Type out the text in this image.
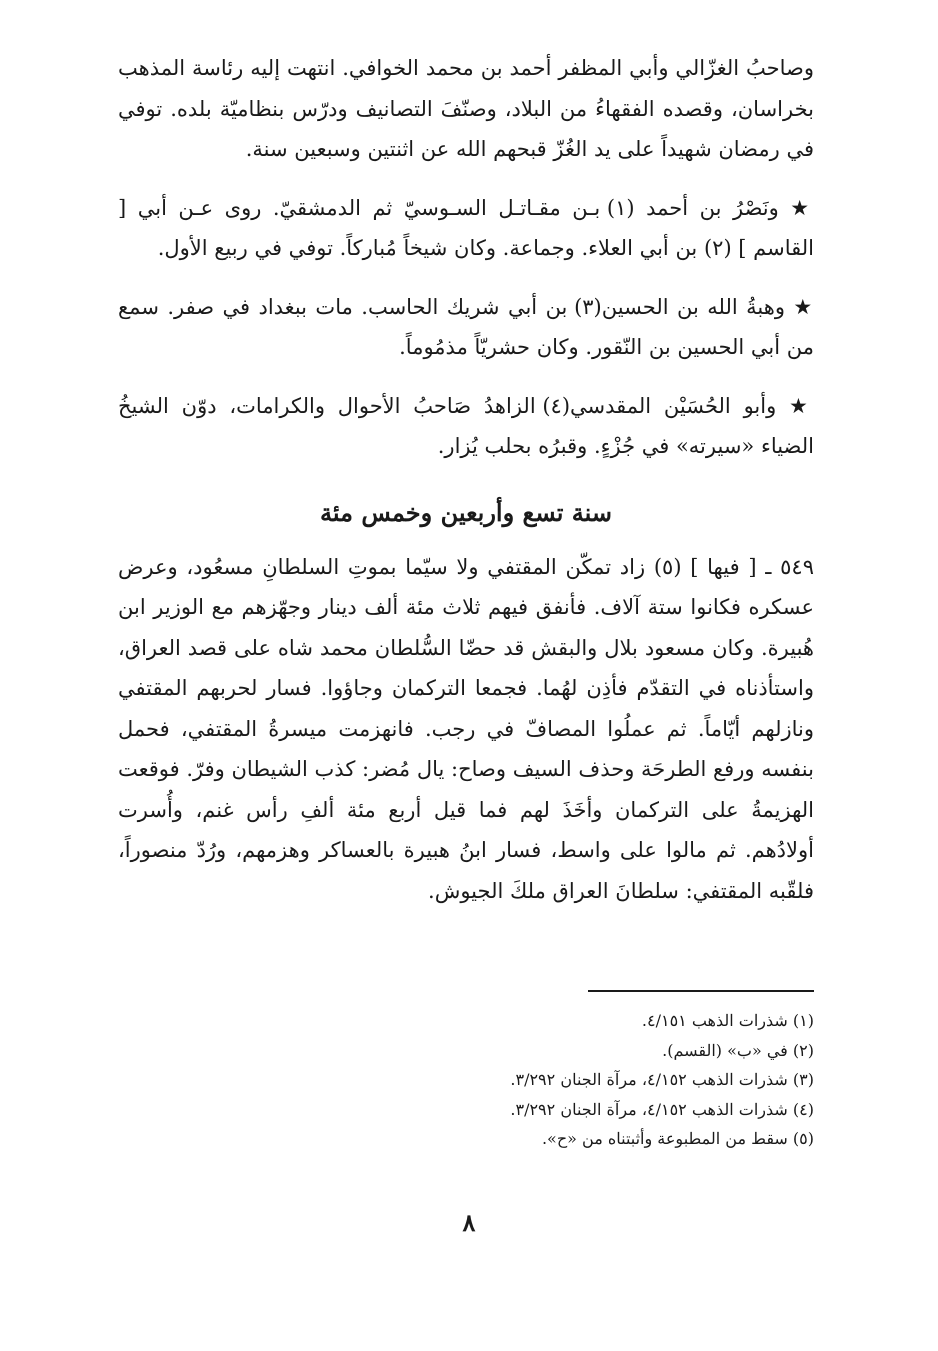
وصاحبُ الغزّالي وأبي المظفر أحمد بن محمد الخوافي. انتهت إليه رئاسة المذهب بخراسان، وقصده الفقهاءُ من البلاد، وصنّفَ التصانيف ودرّس بنظاميّة بلده. توفي في رمضان شهيداً على يد الغُزّ قبحهم الله عن اثنتين وسبعين سنة.

★ ونَصْرُ بن أحمد (١) بـن مقـاتـل السـوسيّ ثم الدمشقيّ. روى عـن أبي [ القاسم ] (٢) بن أبي العلاء. وجماعة. وكان شيخاً مُباركاً. توفي في ربيع الأول.

★ وهبةُ الله بن الحسين(٣) بن أبي شريك الحاسب. مات ببغداد في صفر. سمع من أبي الحسين بن النّقور. وكان حشريّاً مذمُوماً.

★ وأبو الحُسَيْن المقدسي(٤) الزاهدُ صَاحبُ الأحوال والكرامات، دوّن الشيخُ الضياء «سيرته» في جُزْءٍ. وقبرُه بحلب يُزار.

سنة تسع وأربعين وخمس مئة

٥٤٩ ـ [ فيها ] (٥) زاد تمكّن المقتفي ولا سيّما بموتِ السلطانِ مسعُود، وعرض عسكره فكانوا ستة آلاف. فأنفق فيهم ثلاث مئة ألف دينار وجهّزهم مع الوزير ابن هُبيرة. وكان مسعود بلال والبقش قد حضّا السُّلطان محمد شاه على قصد العراق، واستأذناه في التقدّم فأذِن لهُما. فجمعا التركمان وجاؤوا. فسار لحربهم المقتفي ونازلهم أيّاماً. ثم عملُوا المصافّ في رجب. فانهزمت ميسرةُ المقتفي، فحمل بنفسه ورفع الطرحَة وحذف السيف وصاح: يال مُضر: كذب الشيطان وفرّ. فوقعت الهزيمةُ على التركمان وأخَذَ لهم فما قيل أربع مئة ألفِ رأس غنم، وأُسرت أولادُهم. ثم مالوا على واسط، فسار ابنُ هبيرة بالعساكر وهزمهم، ورُدّ منصوراً، فلقّبه المقتفي: سلطانَ العراق ملكَ الجيوش.

(١) شذرات الذهب ٤/١٥١.
(٢) في «ب» (القسم).
(٣) شذرات الذهب ٤/١٥٢، مرآة الجنان ٣/٢٩٢.
(٤) شذرات الذهب ٤/١٥٢، مرآة الجنان ٣/٢٩٢.
(٥) سقط من المطبوعة وأثبتناه من «ح».
٨
